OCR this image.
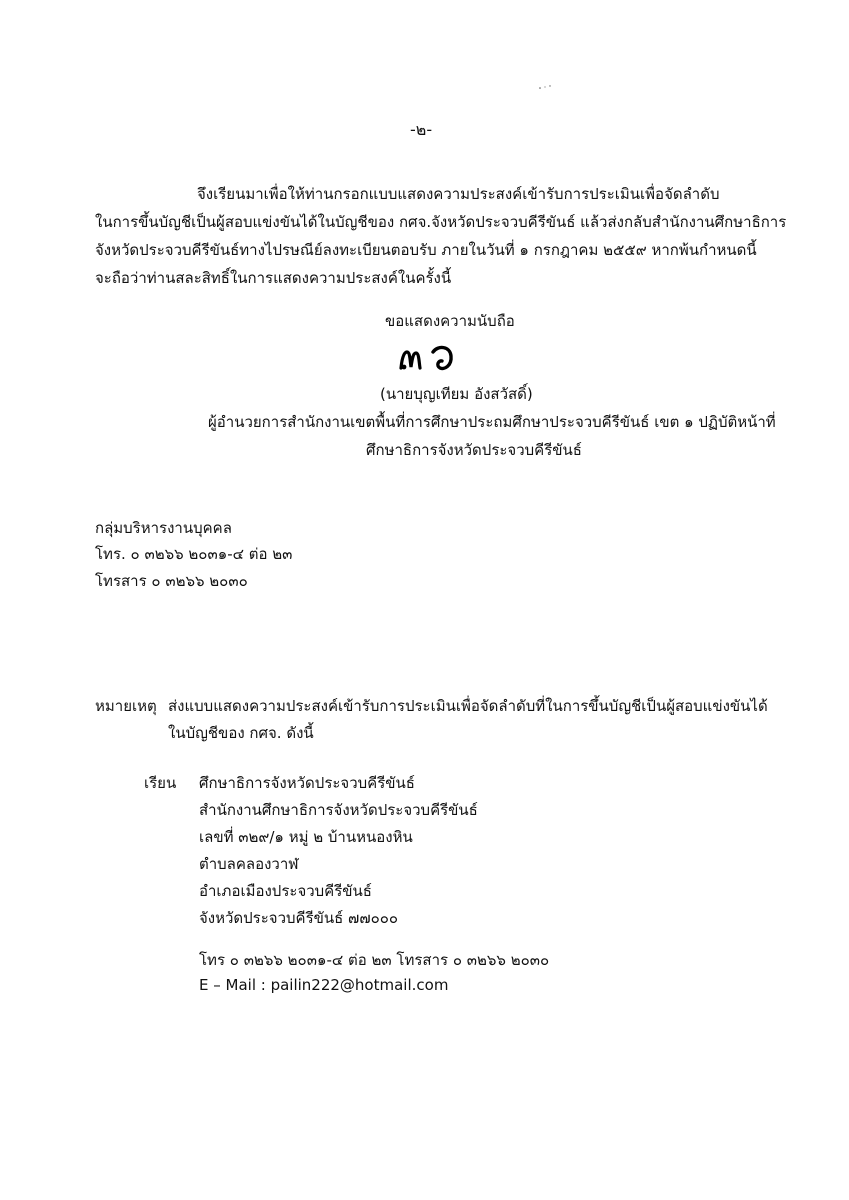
-๒-
จึงเรียนมาเพื่อให้ท่านกรอกแบบแสดงความประสงค์เข้ารับการประเมินเพื่อจัดลำดับ
ในการขึ้นบัญชีเป็นผู้สอบแข่งขันได้ในบัญชีของ กศจ.จังหวัดประจวบคีรีขันธ์ แล้วส่งกลับสำนักงานศึกษาธิการ
จังหวัดประจวบคีรีขันธ์ทางไปรษณีย์ลงทะเบียนตอบรับ ภายในวันที่ ๑ กรกฎาคม ๒๕๕๙ หากพ้นกำหนดนี้
จะถือว่าท่านสละสิทธิ์ในการแสดงความประสงค์ในครั้งนี้
ขอแสดงความนับถือ
(นายบุญเทียม อังสวัสดิ์)
ผู้อำนวยการสำนักงานเขตพื้นที่การศึกษาประถมศึกษาประจวบคีรีขันธ์ เขต ๑ ปฏิบัติหน้าที่
ศึกษาธิการจังหวัดประจวบคีรีขันธ์
กลุ่มบริหารงานบุคคล
โทร. ๐ ๓๒๖๖ ๒๐๓๑-๔ ต่อ ๒๓
โทรสาร ๐ ๓๒๖๖ ๒๐๓๐
หมายเหตุ ส่งแบบแสดงความประสงค์เข้ารับการประเมินเพื่อจัดลำดับที่ในการขึ้นบัญชีเป็นผู้สอบแข่งขันได้
ในบัญชีของ กศจ. ดังนี้
เรียน ศึกษาธิการจังหวัดประจวบคีรีขันธ์
สำนักงานศึกษาธิการจังหวัดประจวบคีรีขันธ์
เลขที่ ๓๒๙/๑ หมู่ ๒ บ้านหนองหิน
ตำบลคลองวาฬ
อำเภอเมืองประจวบคีรีขันธ์
จังหวัดประจวบคีรีขันธ์ ๗๗๐๐๐
โทร ๐ ๓๒๖๖ ๒๐๓๑-๔ ต่อ ๒๓ โทรสาร ๐ ๓๒๖๖ ๒๐๓๐
E – Mail : pailin222@hotmail.com
